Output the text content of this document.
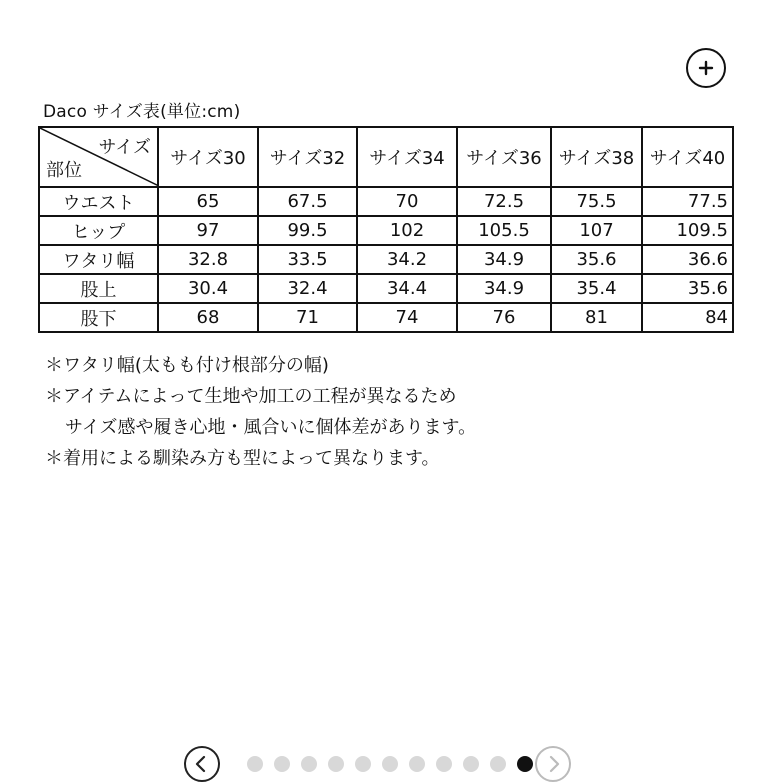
Daco サイズ表(単位:cm)
サイズ
部位	サイズ30	サイズ32	サイズ34	サイズ36	サイズ38	サイズ40
ウエスト	65	67.5	70	72.5	75.5	77.5
ヒップ	97	99.5	102	105.5	107	109.5
ワタリ幅	32.8	33.5	34.2	34.9	35.6	36.6
股上	30.4	32.4	34.4	34.9	35.4	35.6
股下	68	71	74	76	81	84
＊ワタリ幅(太もも付け根部分の幅)
＊アイテムによって生地や加工の工程が異なるため
サイズ感や履き心地・風合いに個体差があります。
＊着用による馴染み方も型によって異なります。
